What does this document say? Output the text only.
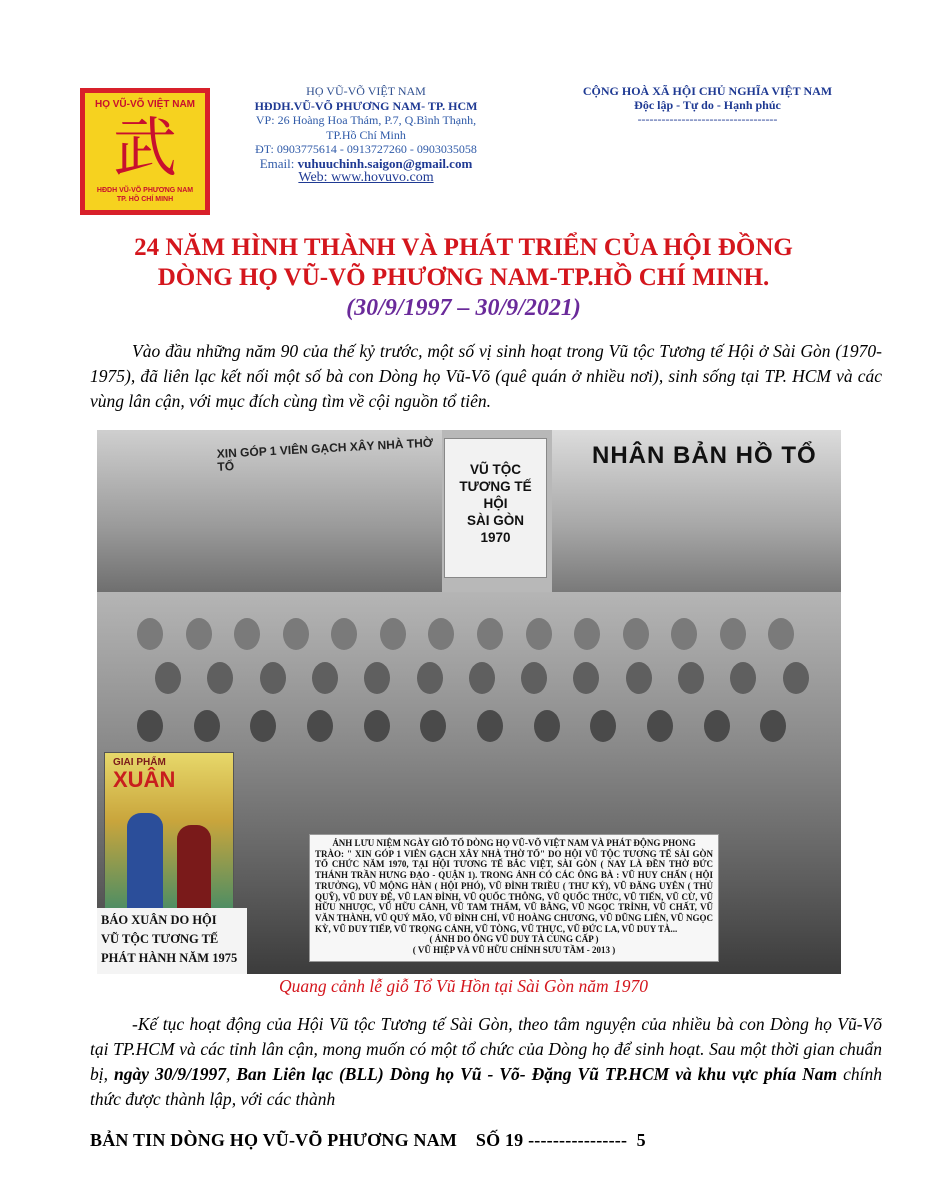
HỌ VŨ-VÕ VIỆT NAM
武
HĐDH VŨ-VÕ PHƯƠNG NAM
TP. HỒ CHÍ MINH
HỌ VŨ-VÕ VIỆT NAM
HĐDH.VŨ-VÕ PHƯƠNG NAM- TP. HCM
VP: 26 Hoàng Hoa Thám, P.7, Q.Bình Thạnh,
TP.Hồ Chí Minh
ĐT: 0903775614 - 0913727260 - 0903035058
Email: vuhuuchinh.saigon@gmail.com
Web: www.hovuvo.com
CỘNG HOÀ XÃ HỘI CHỦ NGHĨA VIỆT NAM
Độc lập - Tự do - Hạnh phúc
-----------------------------------
24 NĂM HÌNH THÀNH VÀ PHÁT TRIỂN CỦA HỘI ĐỒNG
DÒNG HỌ VŨ-VÕ PHƯƠNG NAM-TP.HỒ CHÍ MINH.
(30/9/1997 – 30/9/2021)

Vào đầu những năm 90 của thế kỷ trước, một số vị sinh hoạt trong Vũ tộc Tương tế Hội ở Sài Gòn (1970-1975), đã liên lạc kết nối một số bà con Dòng họ Vũ-Võ (quê quán ở nhiều nơi), sinh sống tại TP. HCM và các vùng lân cận, với mục đích cùng tìm về cội nguồn tổ tiên.

XIN GÓP 1 VIÊN GẠCH XÂY NHÀ THỜ TỔ	VŨ TỘC
TƯƠNG TẾ
HỘI
SÀI GÒN
1970
NHÂN BẢN HỒ TỔ
GIAI PHẨM
XUÂN
BÁO XUÂN DO HỘI
VŨ TỘC TƯƠNG TẾ
PHÁT HÀNH NĂM 1975
ẢNH LƯU NIỆM NGÀY GIỖ TỔ DÒNG HỌ VŨ-VÕ VIỆT NAM VÀ PHÁT ĐỘNG PHONG
TRÀO: " XIN GÓP 1 VIÊN GẠCH XÂY NHÀ THỜ TỔ" DO HỘI VŨ TỘC TƯƠNG TẾ SÀI GÒN TỔ CHỨC NĂM 1970, TẠI HỘI TƯƠNG TẾ BẮC VIỆT, SÀI GÒN ( NAY LÀ ĐỀN THỜ ĐỨC THÁNH TRẦN HƯNG ĐẠO - QUẬN 1). TRONG ẢNH CÓ CÁC ÔNG BÀ : VŨ HUY CHẤN ( HỘI TRƯỞNG), VŨ MỘNG HÀN ( HỘI PHÓ), VŨ ĐÌNH TRIỀU ( THƯ KÝ), VŨ ĐĂNG UYÊN ( THỦ QUỸ), VŨ DUY ĐỆ, VŨ LAN ĐÌNH, VŨ QUỐC THÔNG, VŨ QUỐC THỨC, VŨ TIẾN, VŨ CỪ, VŨ HỮU NHƯỢC, VŨ HỮU CẢNH, VŨ TAM THẨM, VŨ BẰNG, VŨ NGỌC TRÌNH, VŨ CHẤT, VŨ VĂN THÀNH, VŨ QUÝ MÃO, VŨ ĐÌNH CHÍ, VŨ HOÀNG CHƯƠNG, VŨ DŨNG LIÊN, VŨ NGỌC KỲ, VŨ DUY TIẾP, VŨ TRỌNG CẢNH, VŨ TÒNG, VŨ THỰC, VŨ ĐỨC LA, VŨ DUY TÀ...
( ẢNH DO ÔNG VŨ DUY TÀ CUNG CẤP )
( VŨ HIỆP VÀ VŨ HỮU CHÍNH SƯU TẦM - 2013 )
Quang cảnh lễ giỗ Tổ Vũ Hồn tại Sài Gòn năm 1970

-Kế tục hoạt động của Hội Vũ tộc Tương tế Sài Gòn, theo tâm nguyện của nhiều bà con Dòng họ Vũ-Võ tại TP.HCM và các tỉnh lân cận, mong muốn có một tổ chức của Dòng họ để sinh hoạt. Sau một thời gian chuẩn bị, ngày 30/9/1997, Ban Liên lạc (BLL) Dòng họ Vũ - Võ- Đặng Vũ TP.HCM và khu vực phía Nam chính thức được thành lập, với các thành

BẢN TIN DÒNG HỌ VŨ-VÕ PHƯƠNG NAM    SỐ 19 ----------------  5
